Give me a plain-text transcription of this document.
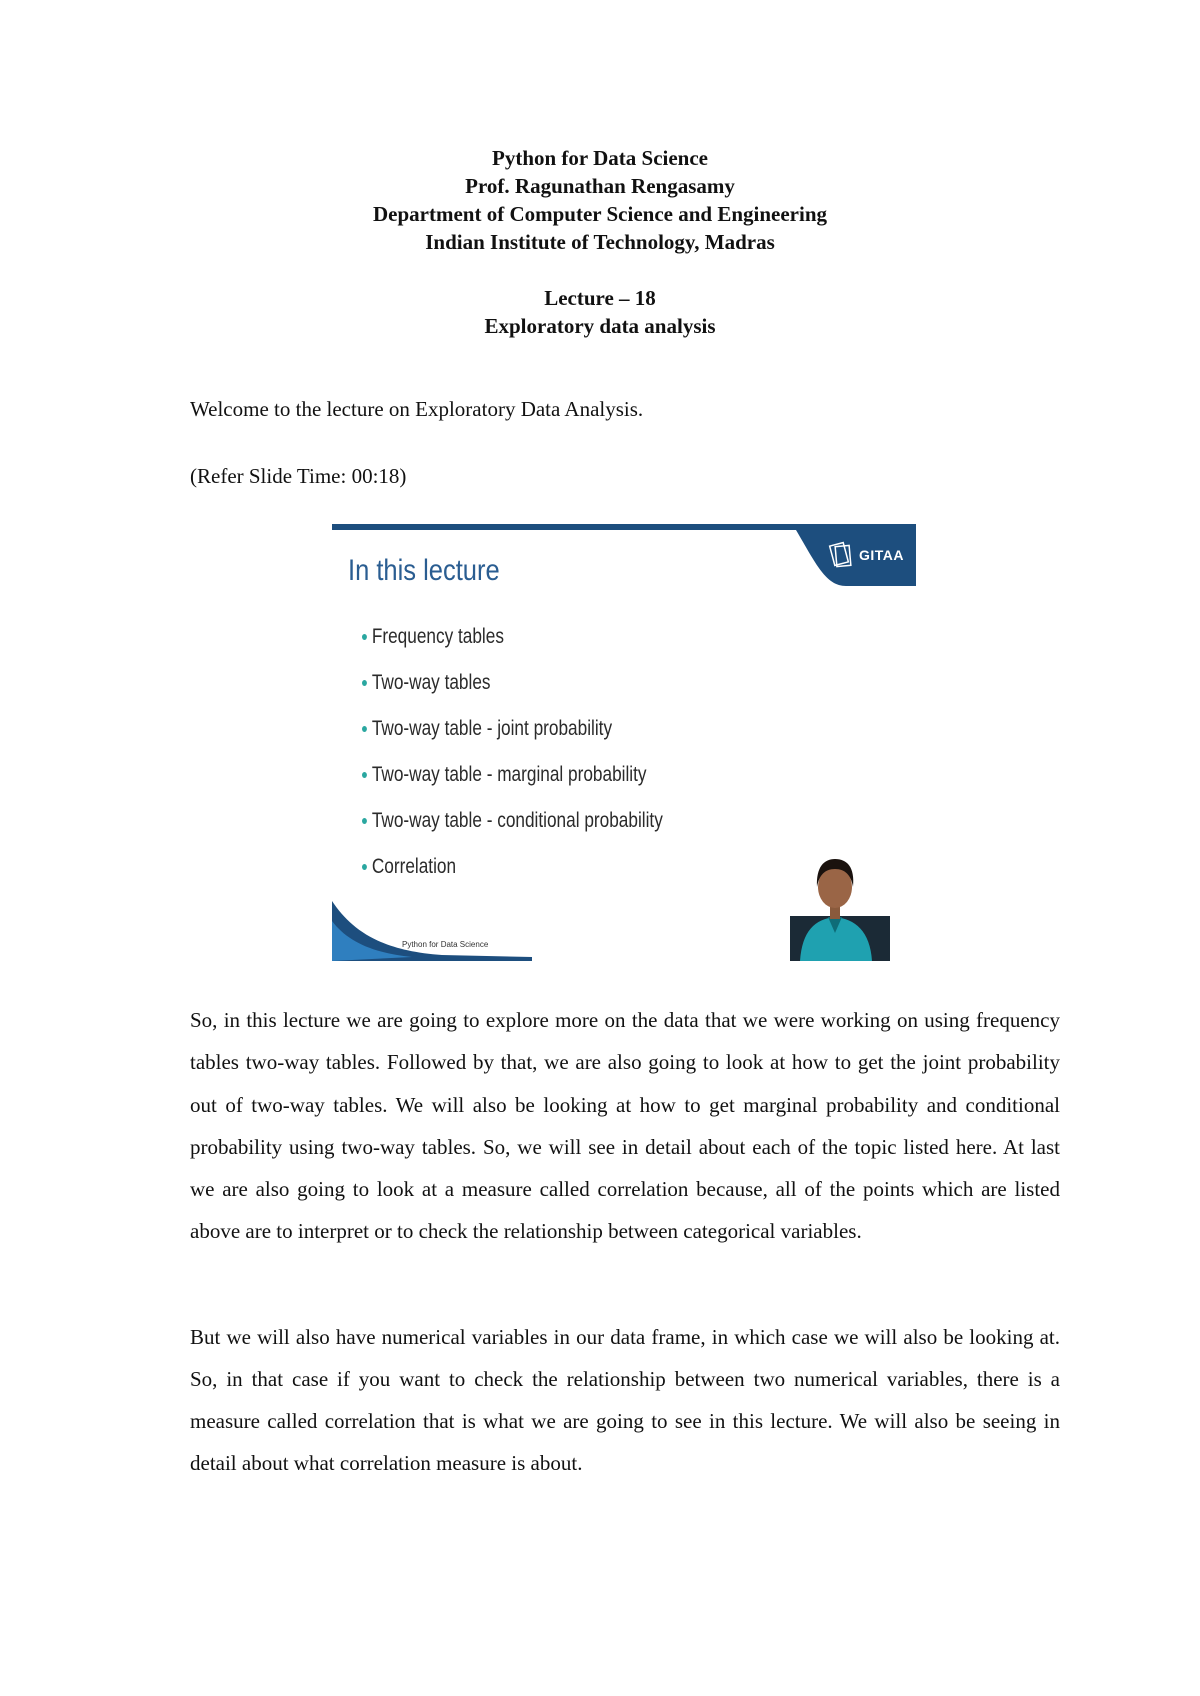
Python for Data Science
Prof. Ragunathan Rengasamy
Department of Computer Science and Engineering
Indian Institute of Technology, Madras
Lecture – 18
Exploratory data analysis

Welcome to the lecture on Exploratory Data Analysis.

(Refer Slide Time: 00:18)

GITAA
In this lecture
Frequency tables
Two-way tables
Two-way table - joint probability
Two-way table - marginal probability
Two-way table - conditional probability
Correlation
Python for Data Science

So, in this lecture we are going to explore more on the data that we were working on using frequency tables two-way tables. Followed by that, we are also going to look at how to get the joint probability out of two-way tables. We will also be looking at how to get marginal probability and conditional probability using two-way tables. So, we will see in detail about each of the topic listed here. At last we are also going to look at a measure called correlation because, all of the points which are listed above are to interpret or to check the relationship between categorical variables.

But we will also have numerical variables in our data frame, in which case we will also be looking at. So, in that case if you want to check the relationship between two numerical variables, there is a measure called correlation that is what we are going to see in this lecture. We will also be seeing in detail about what correlation measure is about.
